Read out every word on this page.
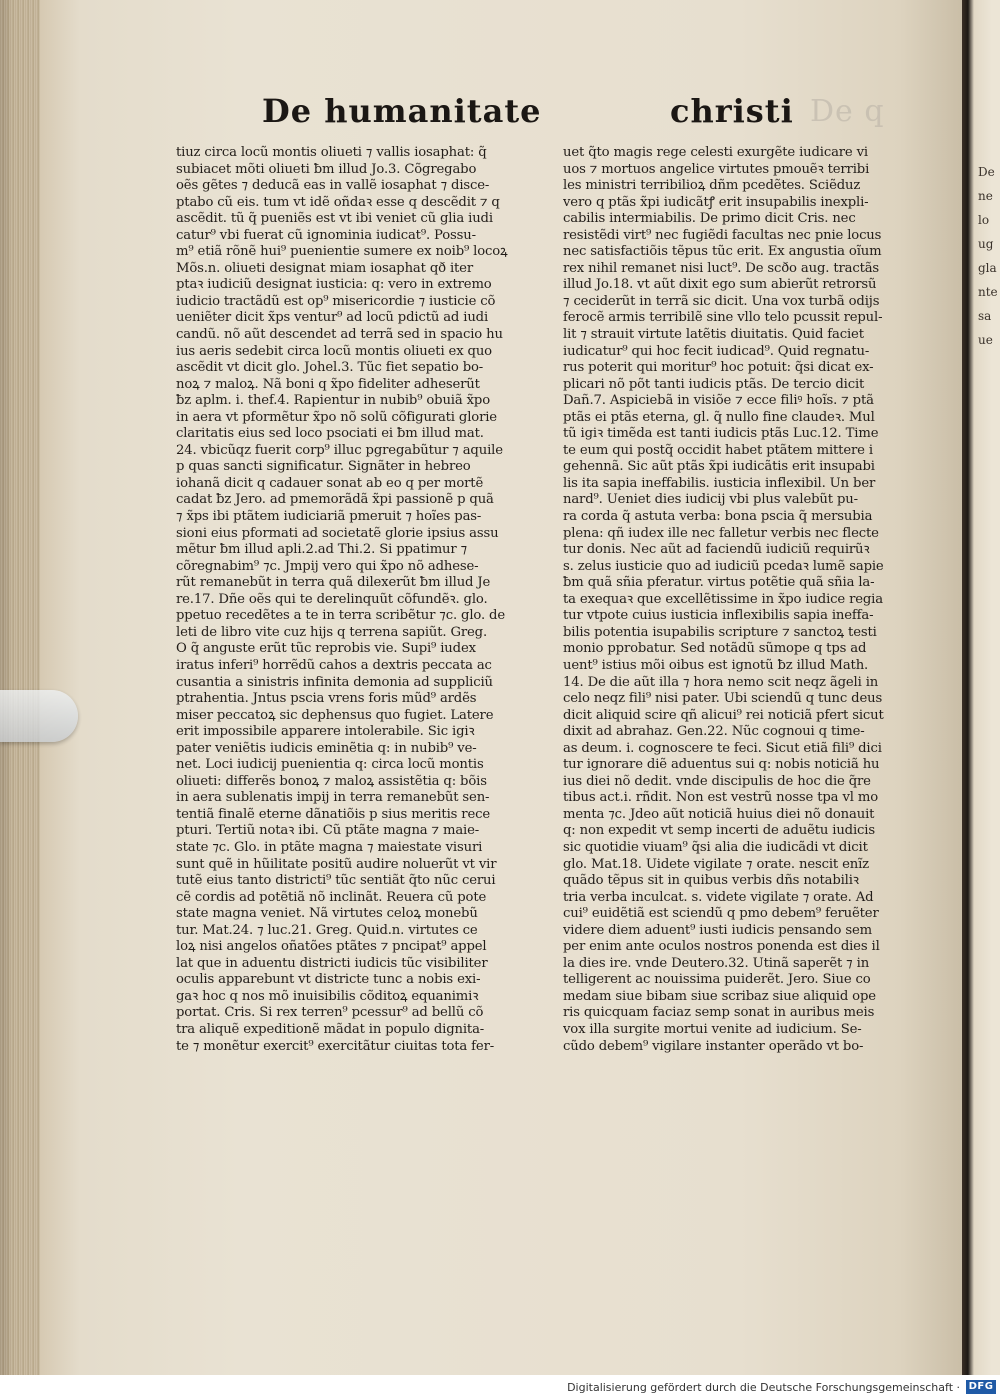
De humanitate	christi De q
tiuz circa locũ montis oliueti ⁊ vallis iosaphat: q̃
subiacet mõti oliueti ƀm illud Jo.3. Cõgregabo
oẽs gẽtes ⁊ deducã eas in vallẽ iosaphat ⁊ disce-
ptabo cũ eis. tum vt idẽ oñdaꝛ esse q descẽdit ⁊ q
ascẽdit. tũ q̃ pueniẽs est vt ibi veniet cũ glia iudi
catur⁹ vbi fuerat cũ ignominia iudicat⁹. Possu-
m⁹ etiã rõnẽ hui⁹ puenientie sumere ex noib⁹ locoꝝ
Mõs.n. oliueti designat miam iosaphat qð iter
ptaꝛ iudiciũ designat iusticia: q: vero in extremo
iudicio tractãdũ est op⁹ misericordie ⁊ iusticie cõ
ueniẽter dicit x̃ps ventur⁹ ad locũ pdictũ ad iudi
candũ. nõ aũt descendet ad terrã sed in spacio hu
ius aeris sedebit circa locũ montis oliueti ex quo
ascẽdit vt dicit glo. Johel.3. Tũc fiet sepatio bo-
noꝝ ⁊ maloꝝ. Nã boni q x̃po fideliter adheserũt
ƀz aplm. i. thef.4. Rapientur in nubib⁹ obuiã x̃po
in aera vt pformẽtur x̃po nõ solũ cõfigurati glorie
claritatis eius sed loco psociati ei ƀm illud mat.
24. vbicũqz fuerit corp⁹ illuc pgregabũtur ⁊ aquile
p quas sancti significatur. Signãter in hebreo
iohanã dicit q cadauer sonat ab eo q per mortẽ
cadat ƀz Jero. ad pmemorãdã x̃pi passionẽ p quã
⁊ x̃ps ibi ptãtem iudiciariã pmeruit ⁊ hoĩes pas-
sioni eius pformati ad societatẽ glorie ipsius assu
mẽtur ƀm illud apli.2.ad Thi.2. Si ppatimur ⁊
cõregnabim⁹ ⁊c. Jmpij vero qui x̃po nõ adhese-
rũt remanebũt in terra quã dilexerũt ƀm illud Je
re.17. Dñe oẽs qui te derelinquũt cõfundẽꝛ. glo.
ppetuo recedẽtes a te in terra scribẽtur ⁊c. glo. de
leti de libro vite cuz hijs q terrena sapiũt. Greg.
O q̃ anguste erũt tũc reprobis vie. Supi⁹ iudex
iratus inferi⁹ horrẽdũ cahos a dextris peccata ac
cusantia a sinistris infinita demonia ad suppliciũ
ptrahentia. Jntus pscia vrens foris mũd⁹ ardẽs
miser peccatoꝝ sic dephensus quo fugiet. Latere
erit impossibile apparere intolerabile. Sic igiꝛ
pater veniẽtis iudicis eminẽtia q: in nubib⁹ ve-
net. Loci iudicij puenientia q: circa locũ montis
oliueti: differẽs bonoꝝ ⁊ maloꝝ assistẽtia q: bõis
in aera sublenatis impij in terra remanebũt sen-
tentiã finalẽ eterne dãnatiõis p sius meritis rece
pturi. Tertiũ notaꝛ ibi. Cũ ptãte magna ⁊ maie-
state ⁊c. Glo. in ptãte magna ⁊ maiestate visuri
sunt quẽ in hũilitate positũ audire noluerũt vt vir
tutẽ eius tanto districti⁹ tũc sentiãt q̃to nũc cerui
cẽ cordis ad potẽtiã nõ inclinãt. Reuera cũ pote
state magna veniet. Nã virtutes celoꝝ monebũ
tur. Mat.24. ⁊ luc.21. Greg. Quid.n. virtutes ce
loꝝ nisi angelos oñatões ptãtes ⁊ pncipat⁹ appel
lat que in aduentu districti iudicis tũc visibiliter
oculis apparebunt vt districte tunc a nobis exi-
gaꝛ hoc q nos mõ inuisibilis cõditoꝝ equanimiꝛ
portat. Cris. Si rex terren⁹ pcessur⁹ ad bellũ cõ
tra aliquẽ expeditionẽ mãdat in populo dignita-
te ⁊ monẽtur exercit⁹ exercitãtur ciuitas tota fer-
uet q̃to magis rege celesti exurgẽte iudicare vi
uos ⁊ mortuos angelice virtutes pmouẽꝛ terribi
les ministri terribilioꝝ dñm pcedẽtes. Sciẽduz
vero q ptãs x̃pi iudicãtꝭ erit insupabilis inexpli-
cabilis intermiabilis. De primo dicit Cris. nec
resistẽdi virt⁹ nec fugiẽdi facultas nec pnie locus
nec satisfactiõis tẽpus tũc erit. Ex angustia oĩum
rex nihil remanet nisi luct⁹. De scðo aug. tractãs
illud Jo.18. vt aũt dixit ego sum abierũt retrorsũ
⁊ ceciderũt in terrã sic dicit. Una vox turbã odijs
ferocẽ armis terribilẽ sine vllo telo pcussit repul-
lit ⁊ strauit virtute latẽtis diuitatis. Quid faciet
iudicatur⁹ qui hoc fecit iudicad⁹. Quid regnatu-
rus poterit qui moritur⁹ hoc potuit: q̃si dicat ex-
plicari nõ põt tanti iudicis ptãs. De tercio dicit
Dañ.7. Aspiciebã in visiõe ⁊ ecce filiꝰ hoĩs. ⁊ ptã
ptãs ei ptãs eterna, gl. q̃ nullo fine claudeꝛ. Mul
tũ igiꝛ timẽda est tanti iudicis ptãs Luc.12. Time
te eum qui postq̃ occidit habet ptãtem mittere i
gehennã. Sic aũt ptãs x̃pi iudicãtis erit insupabi
lis ita sapia ineffabilis. iusticia inflexibil. Un ber
nard⁹. Ueniet dies iudicij vbi plus valebũt pu-
ra corda q̃ astuta verba: bona pscia q̃ mersubia
plena: qñ iudex ille nec falletur verbis nec flecte
tur donis. Nec aũt ad faciendũ iudiciũ requirũꝛ
s. zelus iusticie quo ad iudiciũ pcedaꝛ lumẽ sapie
ƀm quã sñia pferatur. virtus potẽtie quã sñia la-
ta exequaꝛ que excellẽtissime in x̃po iudice regia
tur vtpote cuius iusticia inflexibilis sapia ineffa-
bilis potentia isupabilis scripture ⁊ sanctoꝝ testi
monio pprobatur. Sed notãdũ sũmope q tps ad
uent⁹ istius mõi oibus est ignotũ ƀz illud Math.
14. De die aũt illa ⁊ hora nemo scit neqz ãgeli in
celo neqz fili⁹ nisi pater. Ubi sciendũ q tunc deus
dicit aliquid scire qñ alicui⁹ rei noticiã pfert sicut
dixit ad abrahaz. Gen.22. Nũc cognoui q time-
as deum. i. cognoscere te feci. Sicut etiã fili⁹ dici
tur ignorare diẽ aduentus sui q: nobis noticiã hu
ius diei nõ dedit. vnde discipulis de hoc die q̃re
tibus act.i. rñdit. Non est vestrũ nosse tpa vl mo
menta ⁊c. Jdeo aũt noticiã huius diei nõ donauit
q: non expedit vt semp incerti de aduẽtu iudicis
sic quotidie viuam⁹ q̃si alia die iudicãdi vt dicit
glo. Mat.18. Uidete vigilate ⁊ orate. nescit enĩz
quãdo tẽpus sit in quibus verbis dñs notabiliꝛ
tria verba inculcat. s. videte vigilate ⁊ orate. Ad
cui⁹ euidẽtiã est sciendũ q pmo debem⁹ feruẽter
videre diem aduent⁹ iusti iudicis pensando sem
per enim ante oculos nostros ponenda est dies il
la dies ire. vnde Deutero.32. Utinã saperẽt ⁊ in
telligerent ac nouissima puiderẽt. Jero. Siue co
medam siue bibam siue scribaz siue aliquid ope
ris quicquam faciaz semp sonat in auribus meis
vox illa surgite mortui venite ad iudicium. Se-
cũdo debem⁹ vigilare instanter operãdo vt bo-
De
ne
lo
ug
gla
nte
sa
ue
Digitalisierung gefördert durch die Deutsche Forschungsgemeinschaft · DFG
